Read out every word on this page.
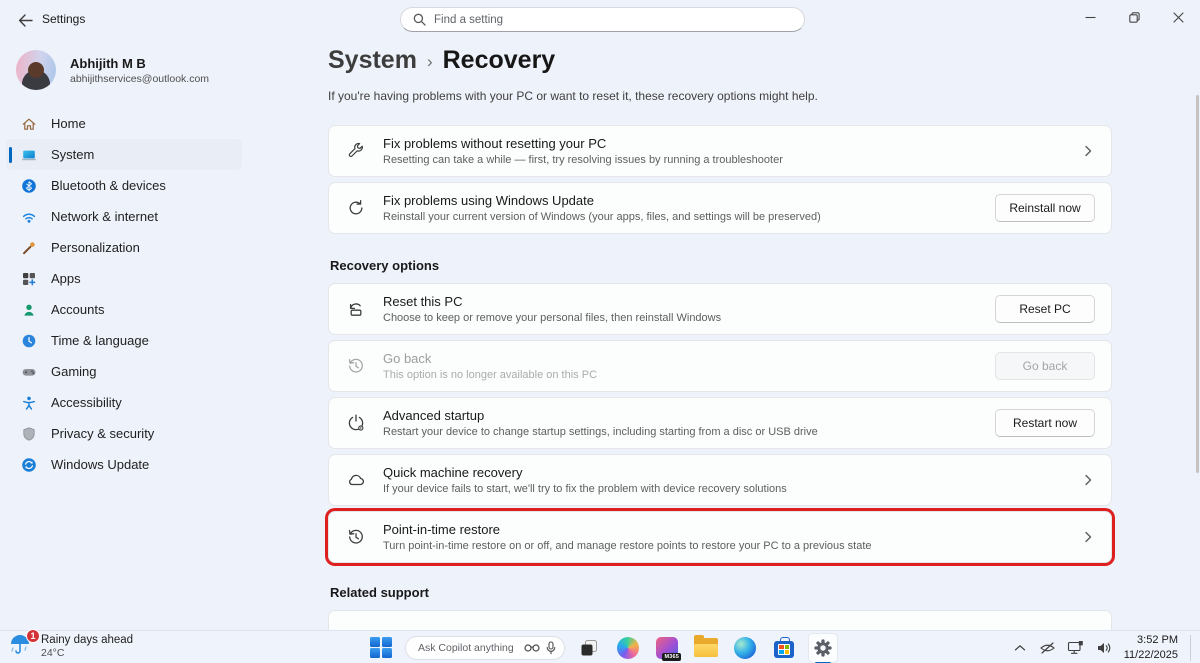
Settings
Find a setting
Abhijith M B
abhijithservices@outlook.com
Home
System
Bluetooth & devices
Network & internet
Personalization
Apps
Accounts
Time & language
Gaming
Accessibility
Privacy & security
Windows Update
System › Recovery
If you're having problems with your PC or want to reset it, these recovery options might help.
Fix problems without resetting your PC
Resetting can take a while — first, try resolving issues by running a troubleshooter
Fix problems using Windows Update
Reinstall your current version of Windows (your apps, files, and settings will be preserved)
Reinstall now
Recovery options
Reset this PC
Choose to keep or remove your personal files, then reinstall Windows
Reset PC
Go back
This option is no longer available on this PC
Go back
Advanced startup
Restart your device to change startup settings, including starting from a disc or USB drive
Restart now
Quick machine recovery
If your device fails to start, we'll try to fix the problem with device recovery solutions
Point-in-time restore
Turn point-in-time restore on or off, and manage restore points to restore your PC to a previous state
Related support
1 Rainy days ahead
24°C
Ask Copilot anything	M365
3:52 PM
11/22/2025
